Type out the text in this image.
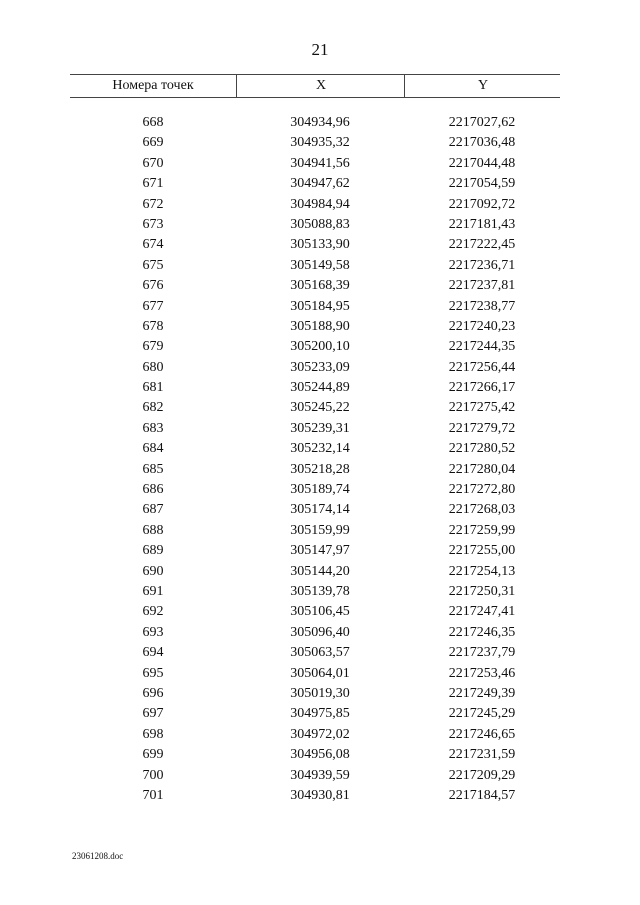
21
Номера точек	X	Y
668	304934,96	2217027,62
669	304935,32	2217036,48
670	304941,56	2217044,48
671	304947,62	2217054,59
672	304984,94	2217092,72
673	305088,83	2217181,43
674	305133,90	2217222,45
675	305149,58	2217236,71
676	305168,39	2217237,81
677	305184,95	2217238,77
678	305188,90	2217240,23
679	305200,10	2217244,35
680	305233,09	2217256,44
681	305244,89	2217266,17
682	305245,22	2217275,42
683	305239,31	2217279,72
684	305232,14	2217280,52
685	305218,28	2217280,04
686	305189,74	2217272,80
687	305174,14	2217268,03
688	305159,99	2217259,99
689	305147,97	2217255,00
690	305144,20	2217254,13
691	305139,78	2217250,31
692	305106,45	2217247,41
693	305096,40	2217246,35
694	305063,57	2217237,79
695	305064,01	2217253,46
696	305019,30	2217249,39
697	304975,85	2217245,29
698	304972,02	2217246,65
699	304956,08	2217231,59
700	304939,59	2217209,29
701	304930,81	2217184,57
23061208.doc
